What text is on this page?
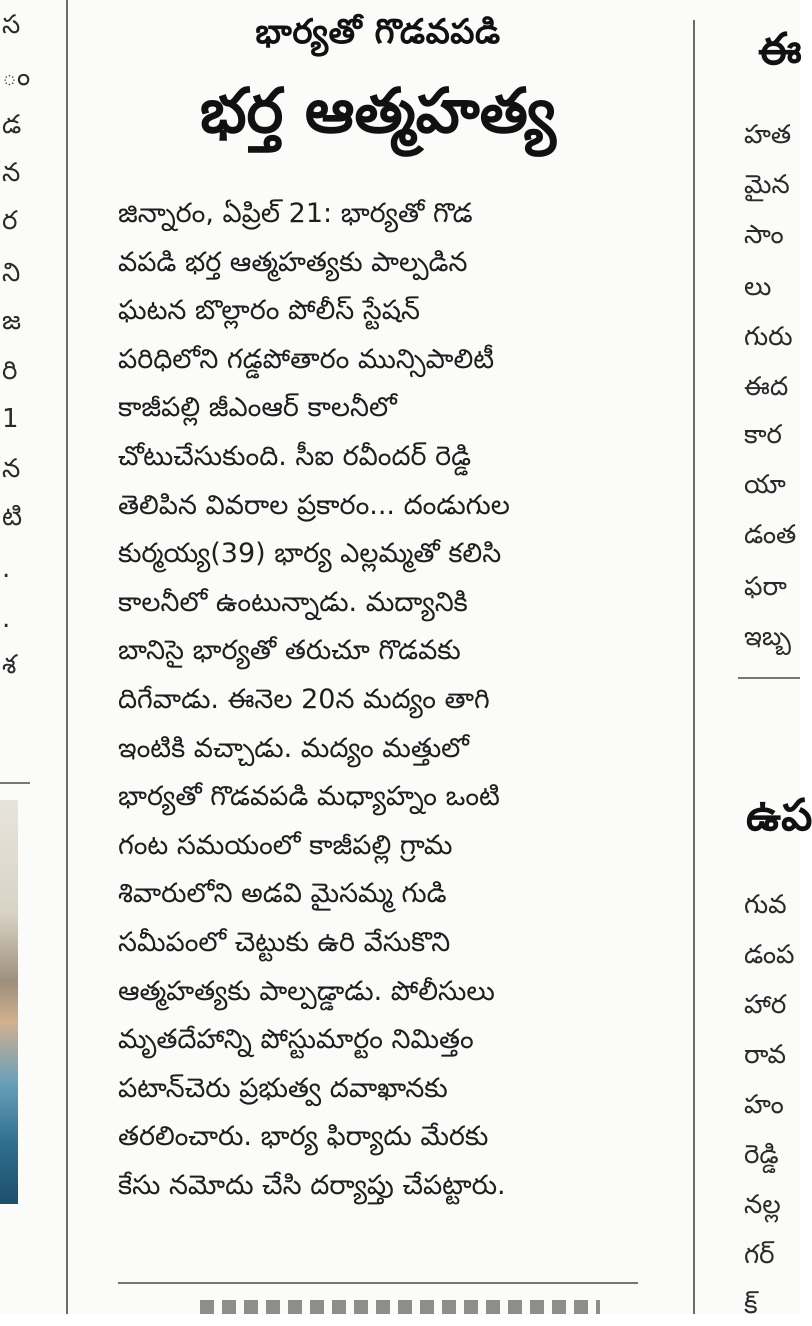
స
ం
డ
న
ర
ని
జ
రి
1
న
టి
.
.
శ
భార్యతో గొడవపడి
భర్త ఆత్మహత్య
జిన్నారం, ఏప్రిల్ 21: భార్యతో గొడ
వపడి భర్త ఆత్మహత్యకు పాల్పడిన
ఘటన బొల్లారం పోలీస్ స్టేషన్
పరిధిలోని గడ్డపోతారం మున్సిపాలిటీ
కాజీపల్లి జీఎంఆర్ కాలనీలో
చోటుచేసుకుంది. సీఐ రవీందర్ రెడ్డి
తెలిపిన వివరాల ప్రకారం... దండుగుల
కుర్మయ్య(39) భార్య ఎల్లమ్మతో కలిసి
కాలనీలో ఉంటున్నాడు. మద్యానికి
బానిసై భార్యతో తరుచూ గొడవకు
దిగేవాడు. ఈనెల 20న మద్యం తాగి
ఇంటికి వచ్చాడు. మద్యం మత్తులో
భార్యతో గొడవపడి మధ్యాహ్నం ఒంటి
గంట సమయంలో కాజీపల్లి గ్రామ
శివారులోని అడవి మైసమ్మ గుడి
సమీపంలో చెట్టుకు ఉరి వేసుకొని
ఆత్మహత్యకు పాల్పడ్డాడు. పోలీసులు
మృతదేహాన్ని పోస్టుమార్టం నిమిత్తం
పటాన్‌చెరు ప్రభుత్వ దవాఖానకు
తరలించారు. భార్య ఫిర్యాదు మేరకు
కేసు నమోదు చేసి దర్యాప్తు చేపట్టారు.
ఈ
హత
మైన
సాం
లు
గురు
ఈద
కార
యా
డంత
ఫరా
ఇబ్బ
ఉప
గువ
డంప
హార
రావ
హం
రెడ్డి
నల్ల
గర్
క్
